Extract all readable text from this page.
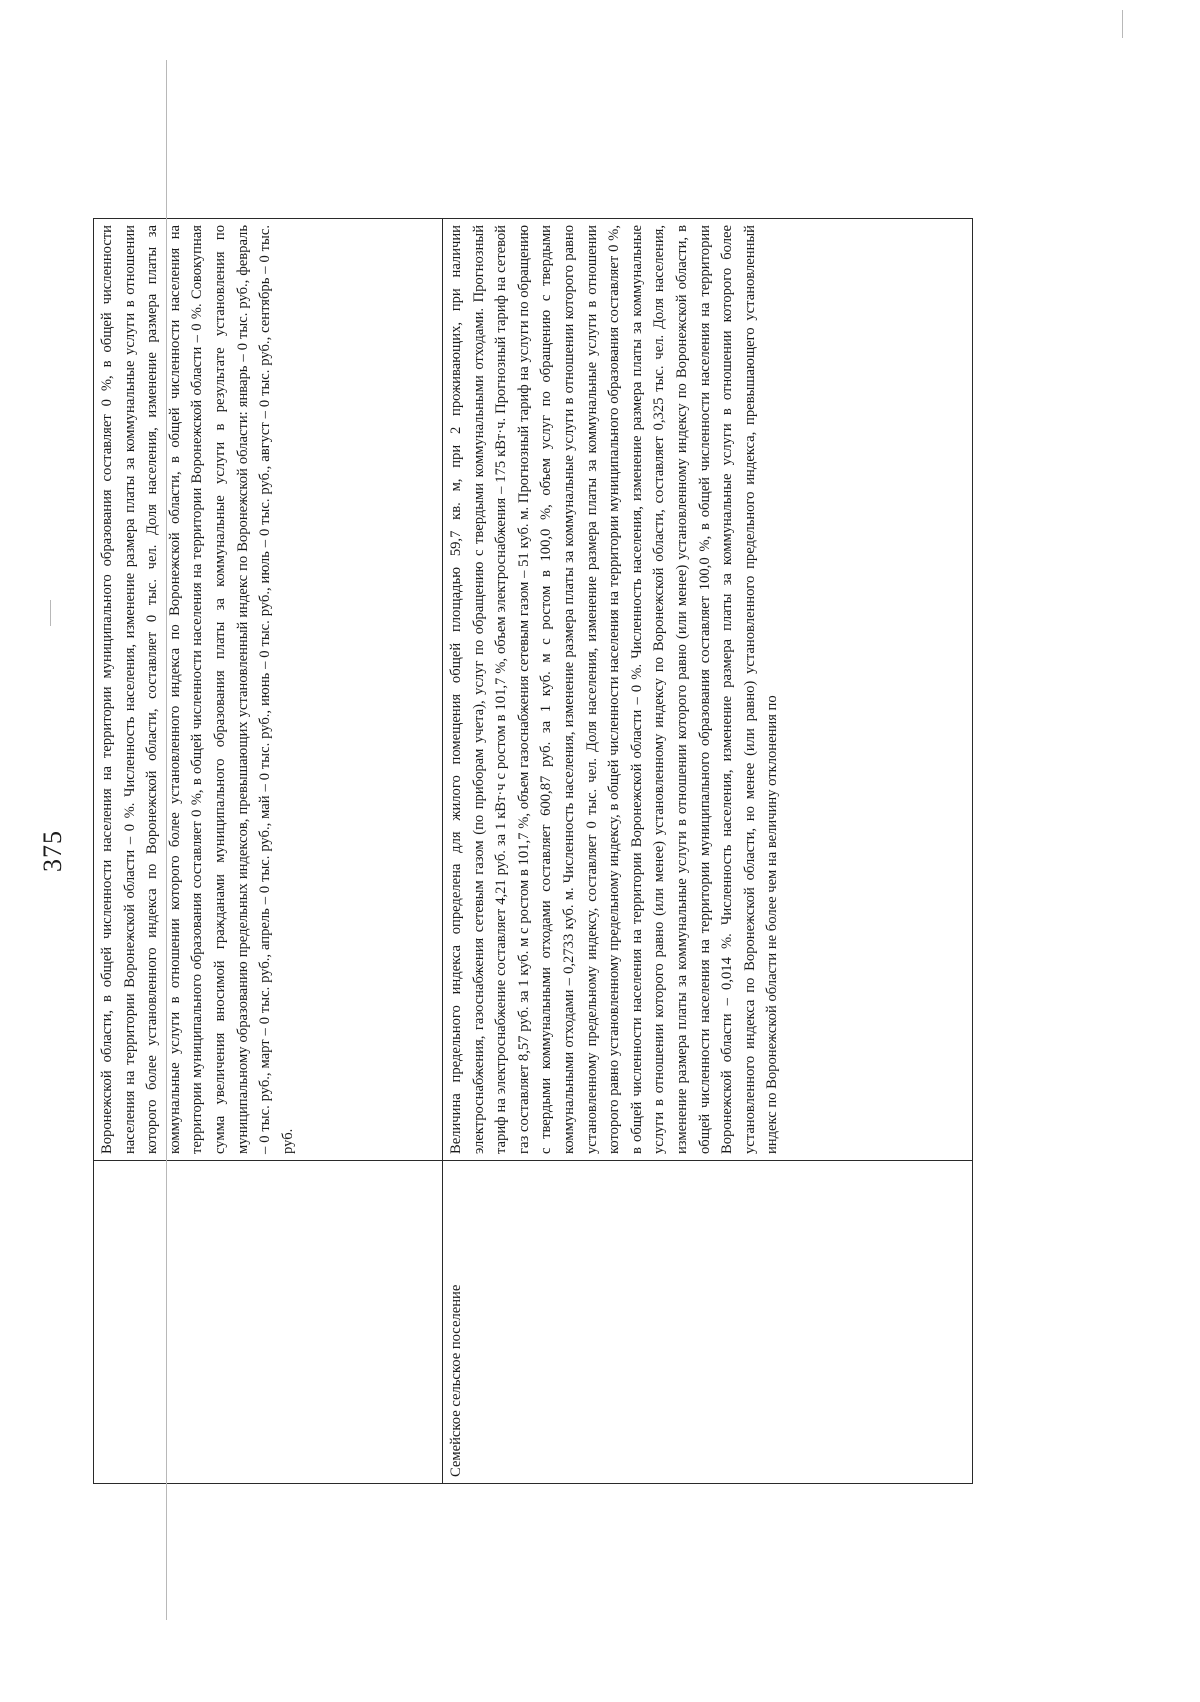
375
	Воронежской области, в общей численности населения на территории муниципального образования составляет 0 %, в общей численности населения на территории Воронежской области – 0 %. Численность населения, изменение размера платы за коммунальные услуги в отношении которого более установленного индекса по Воронежской области, составляет 0 тыс. чел. Доля населения, изменение размера платы за коммунальные услуги в отношении которого более установленного индекса по Воронежской области, в общей численности населения на территории муниципального образования составляет 0 %, в общей численности населения на территории Воронежской области – 0 %. Совокупная сумма увеличения вносимой гражданами муниципального образования платы за коммунальные услуги в результате установления по муниципальному образованию предельных индексов, превышающих установленный индекс по Воронежской области: январь – 0 тыс. руб., февраль – 0 тыс. руб., март – 0 тыс. руб., апрель – 0 тыс. руб., май – 0 тыс. руб., июнь – 0 тыс. руб., июль – 0 тыс. руб., август – 0 тыс. руб., сентябрь – 0 тыс. руб.
Семейское сельское поселение	Величина предельного индекса определена для жилого помещения общей площадью 59,7 кв. м, при 2 проживающих, при наличии электроснабжения, газоснабжения сетевым газом (по приборам учета), услуг по обращению с твердыми коммунальными отходами. Прогнозный тариф на электроснабжение составляет 4,21 руб. за 1 кВт·ч с ростом в 101,7 %, объем электроснабжения – 175 кВт·ч. Прогнозный тариф на сетевой газ составляет 8,57 руб. за 1 куб. м с ростом в 101,7 %, объем газоснабжения сетевым газом – 51 куб. м. Прогнозный тариф на услуги по обращению с твердыми коммунальными отходами составляет 600,87 руб. за 1 куб. м с ростом в 100,0 %, объем услуг по обращению с твердыми коммунальными отходами – 0,2733 куб. м. Численность населения, изменение размера платы за коммунальные услуги в отношении которого равно установленному предельному индексу, составляет 0 тыс. чел. Доля населения, изменение размера платы за коммунальные услуги в отношении которого равно установленному предельному индексу, в общей численности населения на территории муниципального образования составляет 0 %, в общей численности населения на территории Воронежской области – 0 %. Численность населения, изменение размера платы за коммунальные услуги в отношении которого равно (или менее) установленному индексу по Воронежской области, составляет 0,325 тыс. чел. Доля населения, изменение размера платы за коммунальные услуги в отношении которого равно (или менее) установленному индексу по Воронежской области, в общей численности населения на территории муниципального образования составляет 100,0 %, в общей численности населения на территории Воронежской области – 0,014 %. Численность населения, изменение размера платы за коммунальные услуги в отношении которого более установленного индекса по Воронежской области, но менее (или равно) установленного предельного индекса, превышающего установленный индекс по Воронежской области не более чем на величину отклонения по
